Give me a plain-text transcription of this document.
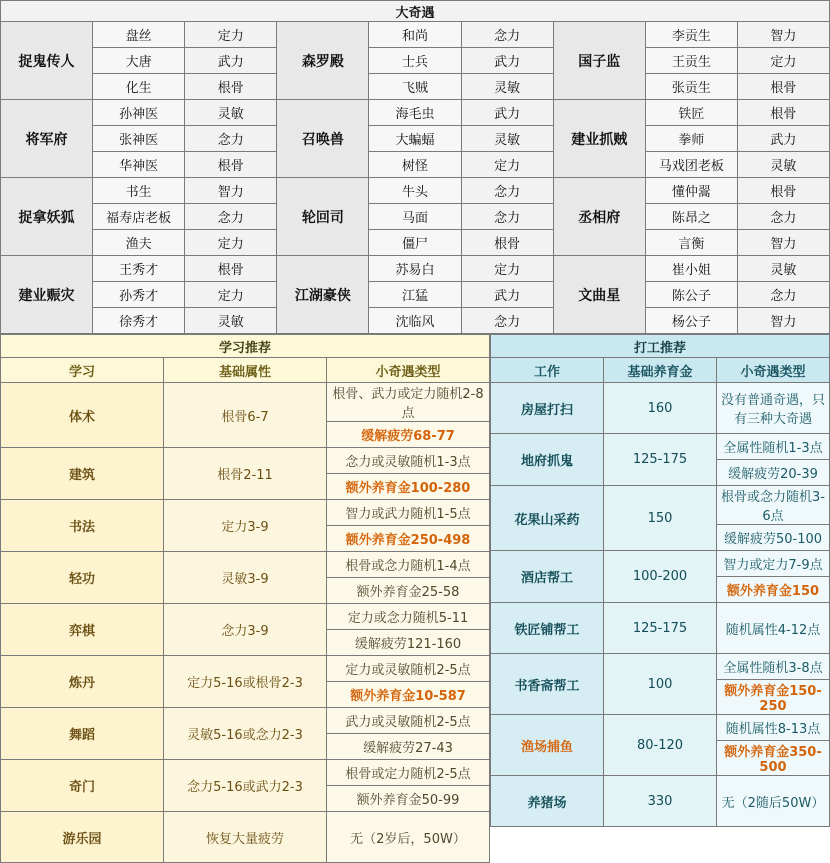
大奇遇								
捉鬼传人	盘丝	定力	森罗殿	和尚	念力	国子监	李贡生	智力
	大唐	武力		士兵	武力		王贡生	定力
	化生	根骨		飞贼	灵敏		张贡生	根骨
将军府	孙神医	灵敏	召唤兽	海毛虫	武力	建业抓贼	铁匠	根骨
	张神医	念力		大蝙蝠	灵敏		拳师	武力
	华神医	根骨		树怪	定力		马戏团老板	灵敏
捉拿妖狐	书生	智力	轮回司	牛头	念力	丞相府	懂仲翯	根骨
	福寿店老板	念力		马面	念力		陈昂之	念力
	渔夫	定力		僵尸	根骨		言衡	智力
建业赈灾	王秀才	根骨	江湖豪侠	苏易白	定力	文曲星	崔小姐	灵敏
	孙秀才	定力		江猛	武力		陈公子	念力
	徐秀才	灵敏		沈临风	念力		杨公子	智力
学习推荐		
学习	基础属性	小奇遇类型
体术	根骨6-7	根骨、武力或定力随机2-8点
		缓解疲劳68-77
建筑	根骨2-11	念力或灵敏随机1-3点
		额外养育金100-280
书法	定力3-9	智力或武力随机1-5点
		额外养育金250-498
轻功	灵敏3-9	根骨或念力随机1-4点
		额外养育金25-58
弈棋	念力3-9	定力或念力随机5-11
		缓解疲劳121-160
炼丹	定力5-16或根骨2-3	定力或灵敏随机2-5点
		额外养育金10-587
舞蹈	灵敏5-16或念力2-3	武力或灵敏随机2-5点
		缓解疲劳27-43
奇门	念力5-16或武力2-3	根骨或定力随机2-5点
		额外养育金50-99
游乐园	恢复大量疲劳	无（2岁后，50W）
打工推荐		
工作	基础养育金	小奇遇类型
房屋打扫	160	没有普通奇遇，只有三种大奇遇
地府抓鬼	125-175	全属性随机1-3点
		缓解疲劳20-39
花果山采药	150	根骨或念力随机3-6点
		缓解疲劳50-100
酒店帮工	100-200	智力或定力7-9点
		额外养育金150
铁匠铺帮工	125-175	随机属性4-12点
书香斋帮工	100	全属性随机3-8点
		额外养育金150-250
渔场捕鱼	80-120	随机属性8-13点
		额外养育金350-500
养猪场	330	无（2随后50W）
